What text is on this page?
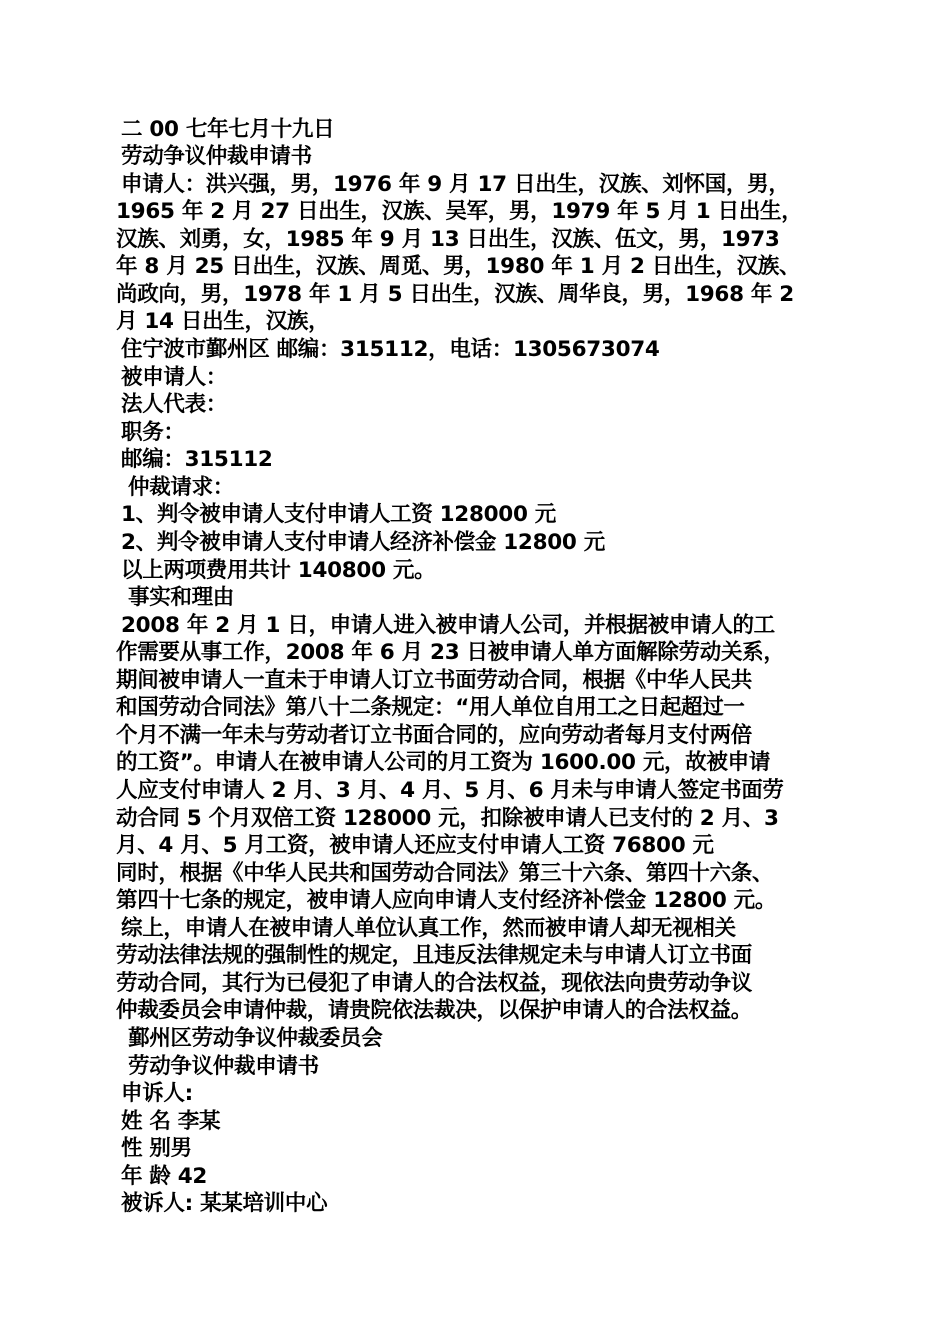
二 00 七年七月十九日
劳动争议仲裁申请书
申请人：洪兴强，男，1976 年 9 月 17 日出生，汉族、刘怀国，男，
1965 年 2 月 27 日出生，汉族、吴军，男，1979 年 5 月 1 日出生，
汉族、刘勇，女，1985 年 9 月 13 日出生，汉族、伍文，男，1973
年 8 月 25 日出生，汉族、周觅、男，1980 年 1 月 2 日出生，汉族、
尚政向，男，1978 年 1 月 5 日出生，汉族、周华良，男，1968 年 2
月 14 日出生，汉族，
住宁波市鄞州区 邮编：315112，电话：1305673074
被申请人：
法人代表：
职务：
邮编：315112
仲裁请求：
1、判令被申请人支付申请人工资 128000 元
2、判令被申请人支付申请人经济补偿金 12800 元
以上两项费用共计 140800 元。
事实和理由
2008 年 2 月 1 日，申请人进入被申请人公司，并根据被申请人的工
作需要从事工作，2008 年 6 月 23 日被申请人单方面解除劳动关系，
期间被申请人一直未于申请人订立书面劳动合同，根据《中华人民共
和国劳动合同法》第八十二条规定：“用人单位自用工之日起超过一
个月不满一年未与劳动者订立书面合同的，应向劳动者每月支付两倍
的工资”。申请人在被申请人公司的月工资为 1600.00 元，故被申请
人应支付申请人 2 月、3 月、4 月、5 月、6 月未与申请人签定书面劳
动合同 5 个月双倍工资 128000 元，扣除被申请人已支付的 2 月、3
月、4 月、5 月工资，被申请人还应支付申请人工资 76800 元
同时，根据《中华人民共和国劳动合同法》第三十六条、第四十六条、
第四十七条的规定，被申请人应向申请人支付经济补偿金 12800 元。
综上，申请人在被申请人单位认真工作，然而被申请人却无视相关
劳动法律法规的强制性的规定，且违反法律规定未与申请人订立书面
劳动合同，其行为已侵犯了申请人的合法权益，现依法向贵劳动争议
仲裁委员会申请仲裁，请贵院依法裁决，以保护申请人的合法权益。
鄞州区劳动争议仲裁委员会
劳动争议仲裁申请书
申诉人:
姓 名 李某
性 别男
年 龄 42
被诉人: 某某培训中心
